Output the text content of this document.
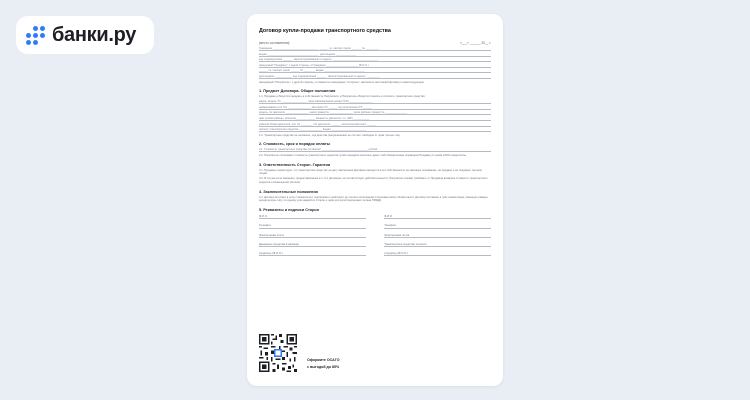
банки.ру	Договор купли-продажи транспортного средства
(место составления)	«___» ______ 20__ г.
Гражданин _______________________________ , ______ г.р. паспорт серии _______ № _________
выдан ___________________________________ , дата выдачи ______________
код подразделения ______ , зарегистрированный по адресу: _______________________________
именуемый "Продавец", с одной стороны, и Гражданин ______________________ (Ф.И.О.)
______ г.р. паспорт серии ______ № ________ выдан ____________________________
дата выдачи ____________ код подразделения ______ , зарегистрированный по адресу: _________
именуемый "Покупатель", с другой стороны, а совместно именуемые "Стороны", заключили настоящий Договор о нижеследующем:
1. Предмет Договора. Общие положения
1.1. Продавец обязуется передать в собственность Покупателя, а Покупатель обязуется принять и оплатить транспортное средство:
марка, модель ТС __________________ идентификационный номер (VIN) ________________
наименование (тип ТС) ________________ категория ТС ______ год изготовления ТС ______
модель, № двигателя ________________ шасси (рама) № ________________ кузов (кабина, прицеп) № _______________
цвет кузова (кабины, прицепа) _____________ мощность двигателя, л.с. (кВт) ___________
рабочий объём двигателя, куб. см ________ тип двигателя _______ экологический класс ______
паспорт транспортного средства ________________ выдан ________________________
1.2. Транспортное средство не заложено, под арестом (запрещением) не состоит, свободно от прав третьих лиц.
2. Стоимость, срок и порядок оплаты
2.1. Стоимость транспортного средства составляет ________________________________ рублей.
2.2. Покупатель оплачивает стоимость транспортного средства путём передачи наличных денег либо безналичным переводом Продавцу в сумме 100% предоплаты.
3. Ответственность Сторон. Гарантии
3.1. Продавец гарантирует, что транспортное средство на дату заключения Договора находится в его собственности на законных основаниях, не продано и не подарено третьим лицам.
3.2. В случае если сведения, предоставленные в п. 3.1. Договора, не соответствуют действительности, Покупатель вправе требовать от Продавца возврата стоимости транспортного средства и возмещения убытков.
4. Заключительные положения
4.1. Договор вступает в силу с момента его подписания и действует до полного исполнения Сторонами своих обязательств. Договор составлен в трёх экземплярах, имеющих равную юридическую силу, по одному для каждой из Сторон и один для регистрирующего органа ГИБДД.
5. Реквизиты и подписи Сторон
Ф.И.О.
Телефон
Электронная почта
Денежные средства в размере
(подпись) (Ф.И.О.)
Ф.И.О.
Телефон
Электронная почта
Транспортное средство получил.
(подпись) (Ф.И.О.)
Оформите ОСАГО
с выгодой до 85%
